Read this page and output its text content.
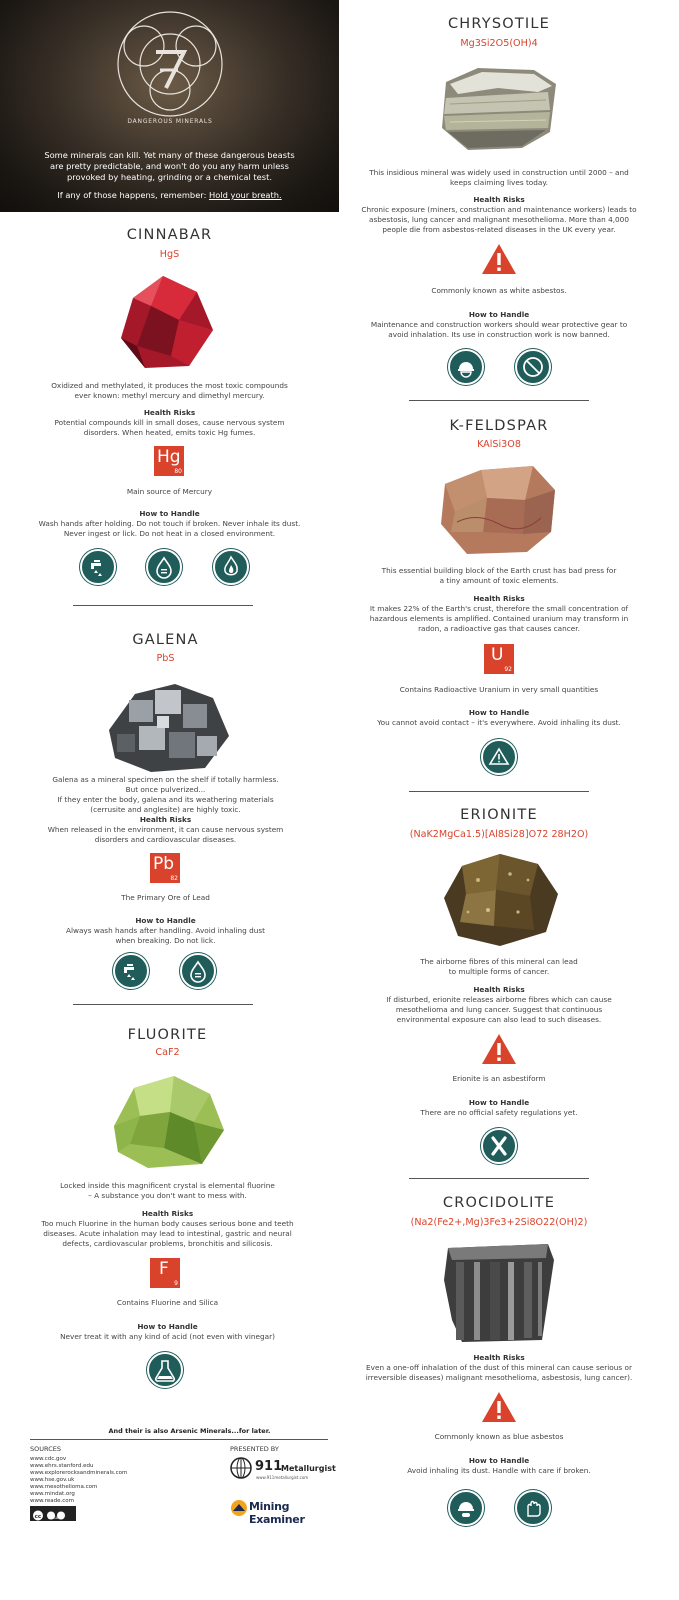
DANGEROUS MINERALS
Some minerals can kill. Yet many of these dangerous beasts
are pretty predictable, and won't do you any harm unless
provoked by heating, grinding or a chemical test.
If any of those happens, remember: Hold your breath.
CINNABAR
HgS
Oxidized and methylated, it produces the most toxic compounds
ever known: methyl mercury and dimethyl mercury.
Health Risks
Potential compounds kill in small doses, cause nervous system
disorders. When heated, emits toxic Hg fumes.
Hg
80
Main source of Mercury
How to Handle
Wash hands after holding. Do not touch if broken. Never inhale its dust.
Never ingest or lick. Do not heat in a closed environment.
GALENA
PbS
Galena as a mineral specimen on the shelf if totally harmless.
But once pulverized...
If they enter the body, galena and its weathering materials
(cerrusite and anglesite) are highly toxic.
Health Risks
When released in the environment, it can cause nervous system
disorders and cardiovascular diseases.
Pb
82
The Primary Ore of Lead
How to Handle
Always wash hands after handling. Avoid inhaling dust
when breaking. Do not lick.
FLUORITE
CaF2
Locked inside this magnificent crystal is elemental fluorine
– A substance you don't want to mess with.
Health Risks
Too much Fluorine in the human body causes serious bone and teeth
diseases. Acute inhalation may lead to intestinal, gastric and neural
defects, cardiovascular problems, bronchitis and silicosis.
F
9
Contains Fluorine and Silica
How to Handle
Never treat it with any kind of acid (not even with vinegar)
And their is also Arsenic Minerals...for later.
SOURCES
www.cdc.gov
www.ehrs.stanford.edu
www.explorerocksandminerals.com
www.hse.gov.uk
www.mesothelioma.com
www.mindat.org
www.reade.com
cc BY SA
PRESENTED BY
911
Metallurgist
www.911metallurgist.com
Mining Examiner
CHRYSOTILE
Mg3Si2O5(OH)4
This insidious mineral was widely used in construction until 2000 – and
keeps claiming lives today.
Health Risks
Chronic exposure (miners, construction and maintenance workers) leads to
asbestosis, lung cancer and malignant mesothelioma. More than 4,000
people die from asbestos-related diseases in the UK every year.
Commonly known as white asbestos.
How to Handle
Maintenance and construction workers should wear protective gear to
avoid inhalation. Its use in construction work is now banned.
K-FELDSPAR
KAlSi3O8
This essential building block of the Earth crust has bad press for
a tiny amount of toxic elements.
Health Risks
It makes 22% of the Earth's crust, therefore the small concentration of
hazardous elements is amplified. Contained uranium may transform in
radon, a radioactive gas that causes cancer.
U
92
Contains Radioactive Uranium in very small quantities
How to Handle
You cannot avoid contact – it's everywhere. Avoid inhaling its dust.
ERIONITE
(NaK2MgCa1.5)[Al8Si28]O72 28H2O)
The airborne fibres of this mineral can lead
to multiple forms of cancer.
Health Risks
If disturbed, erionite releases airborne fibres which can cause
mesothelioma and lung cancer. Suggest that continuous
environmental exposure can also lead to such diseases.
Erionite is an asbestiform
How to Handle
There are no official safety regulations yet.
CROCIDOLITE
(Na2(Fe2+,Mg)3Fe3+2Si8O22(OH)2)
Health Risks
Even a one-off inhalation of the dust of this mineral can cause serious or
irreversible diseases) malignant mesothelioma, asbestosis, lung cancer).
Commonly known as blue asbestos
How to Handle
Avoid inhaling its dust. Handle with care if broken.
